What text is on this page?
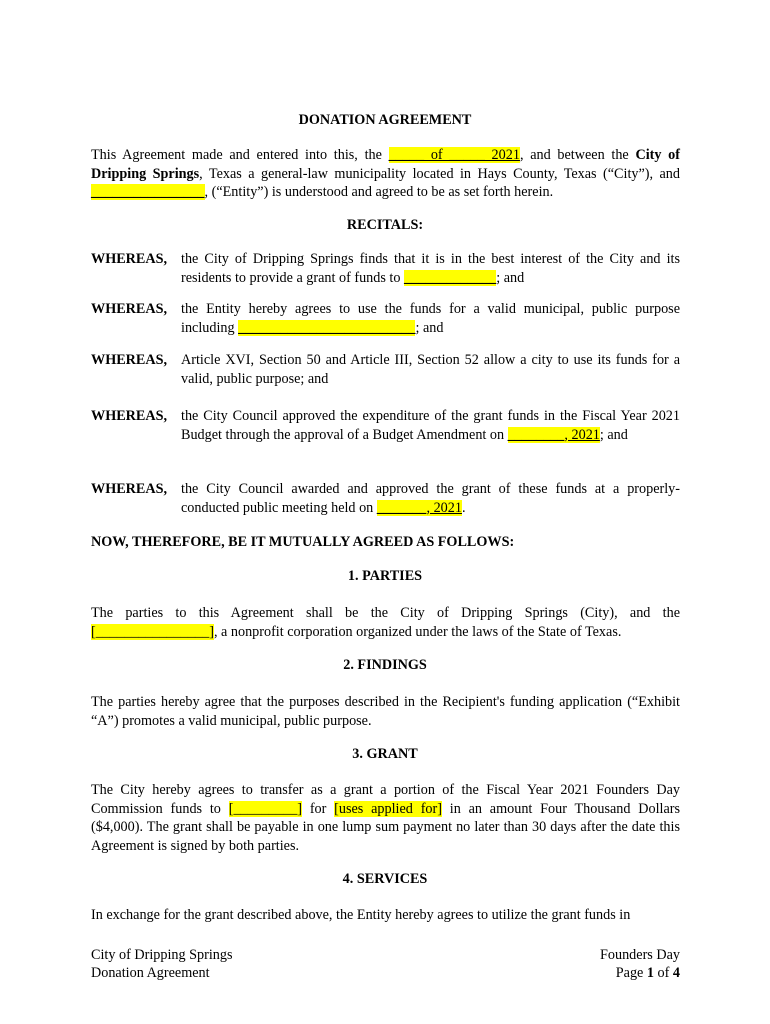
DONATION AGREEMENT
This Agreement made and entered into this, the _____ of _____ 2021, and between the City of Dripping Springs, Texas a general-law municipality located in Hays County, Texas (“City”), and ________________, (“Entity”) is understood and agreed to be as set forth herein.
RECITALS:
WHEREAS, the City of Dripping Springs finds that it is in the best interest of the City and its residents to provide a grant of funds to _____________; and
WHEREAS, the Entity hereby agrees to use the funds for a valid municipal, public purpose including _________________________; and
WHEREAS, Article XVI, Section 50 and Article III, Section 52 allow a city to use its funds for a valid, public purpose; and
WHEREAS, the City Council approved the expenditure of the grant funds in the Fiscal Year 2021 Budget through the approval of a Budget Amendment on ________, 2021; and
WHEREAS, the City Council awarded and approved the grant of these funds at a properly-conducted public meeting held on _______, 2021.
NOW, THEREFORE, BE IT MUTUALLY AGREED AS FOLLOWS:
1. PARTIES
The parties to this Agreement shall be the City of Dripping Springs (City), and the [________________], a nonprofit corporation organized under the laws of the State of Texas.
2. FINDINGS
The parties hereby agree that the purposes described in the Recipient's funding application (“Exhibit “A”) promotes a valid municipal, public purpose.
3. GRANT
The City hereby agrees to transfer as a grant a portion of the Fiscal Year 2021 Founders Day Commission funds to [_________] for [uses applied for] in an amount Four Thousand Dollars ($4,000). The grant shall be payable in one lump sum payment no later than 30 days after the date this Agreement is signed by both parties.
4. SERVICES
In exchange for the grant described above, the Entity hereby agrees to utilize the grant funds in
City of Dripping Springs
Donation Agreement
Founders Day
Page 1 of 4
